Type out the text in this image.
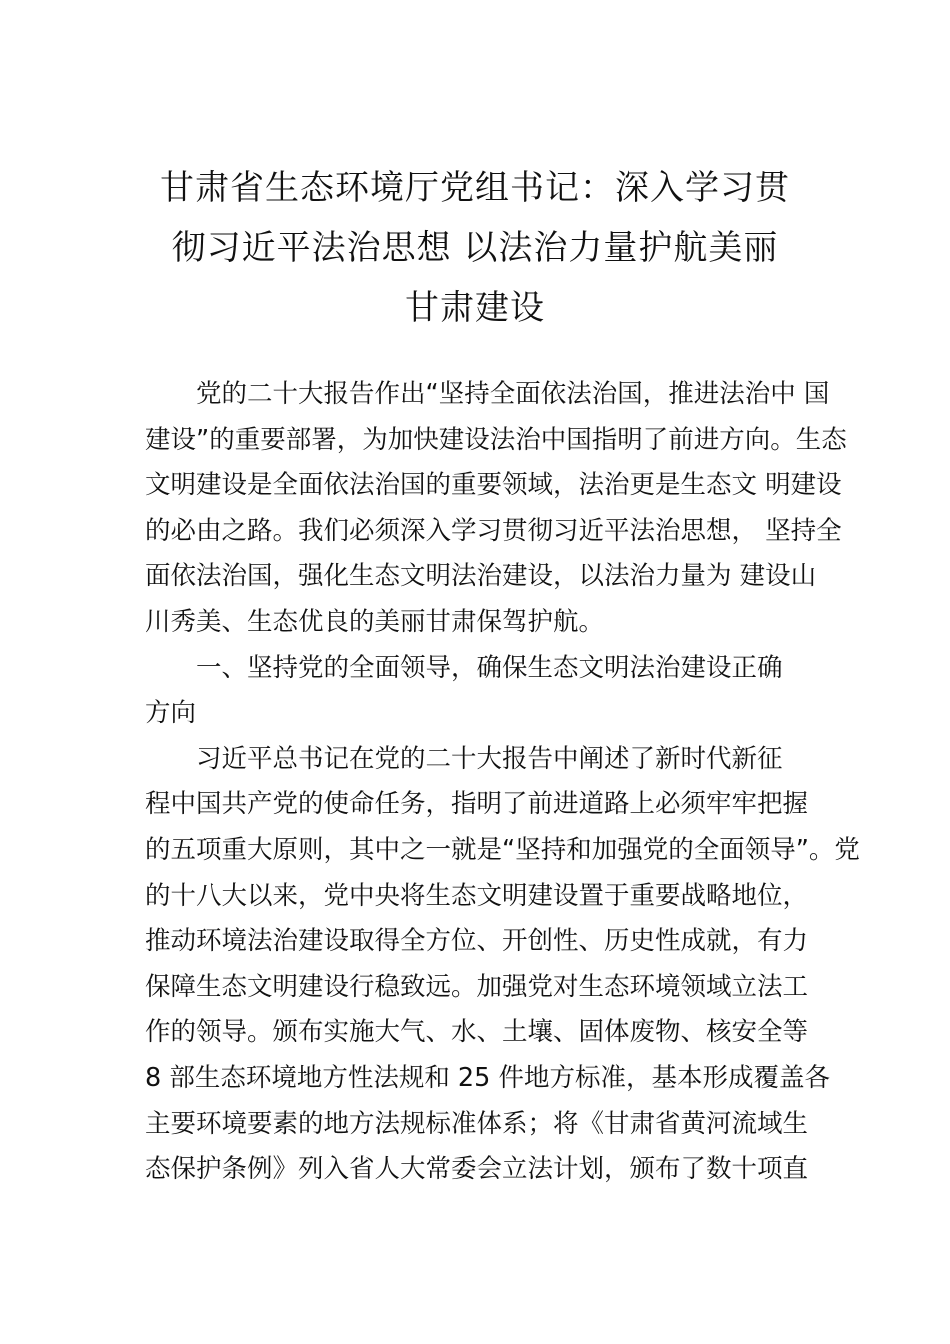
甘肃省生态环境厅党组书记：深入学习贯
彻习近平法治思想 以法治力量护航美丽
甘肃建设
党的二十大报告作出“坚持全面依法治国，推进法治中 国
建设”的重要部署，为加快建设法治中国指明了前进方向。生态
文明建设是全面依法治国的重要领域，法治更是生态文 明建设
的必由之路。我们必须深入学习贯彻习近平法治思想， 坚持全
面依法治国，强化生态文明法治建设，以法治力量为 建设山
川秀美、生态优良的美丽甘肃保驾护航。
一、坚持党的全面领导，确保生态文明法治建设正确
方向
习近平总书记在党的二十大报告中阐述了新时代新征
程中国共产党的使命任务，指明了前进道路上必须牢牢把握
的五项重大原则，其中之一就是“坚持和加强党的全面领导”。党
的十八大以来，党中央将生态文明建设置于重要战略地位，
推动环境法治建设取得全方位、开创性、历史性成就，有力
保障生态文明建设行稳致远。加强党对生态环境领域立法工
作的领导。颁布实施大气、水、土壤、固体废物、核安全等
8 部生态环境地方性法规和 25 件地方标准，基本形成覆盖各
主要环境要素的地方法规标准体系；将《甘肃省黄河流域生
态保护条例》列入省人大常委会立法计划，颁布了数十项直
